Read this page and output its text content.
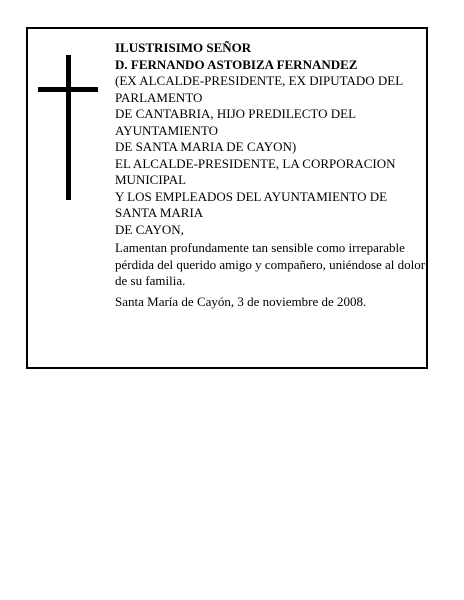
ILUSTRISIMO SEÑOR
D. FERNANDO ASTOBIZA FERNANDEZ
(EX ALCALDE-PRESIDENTE, EX DIPUTADO DEL
PARLAMENTO
DE CANTABRIA, HIJO PREDILECTO DEL
AYUNTAMIENTO
DE SANTA MARIA DE CAYON)
EL ALCALDE-PRESIDENTE, LA CORPORACION
MUNICIPAL
Y LOS EMPLEADOS DEL AYUNTAMIENTO DE
SANTA MARIA
DE CAYON,
Lamentan profundamente tan sensible como irreparable pérdida del querido amigo y compañero, uniéndose al dolor de su familia.
Santa María de Cayón, 3 de noviembre de 2008.
